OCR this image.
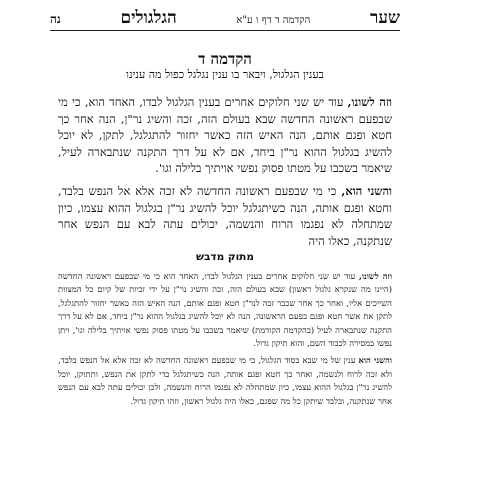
שער
הקדמה ד דף ו ע"א
הגלגולים
נה
הקדמה ד
בענין הגלגול, ויבאר בו ענין נגלגל כפול מה ענינו

וזה לשונו, עוד יש שני חלוקים אחרים בענין הגלגול לבדו, האחד הוא, כי מי שבפעם ראשונה החדשה שבא בעולם הזה, זכה והשיג נר"ן, הנה אחר כך חטא ופגם אותם, הנה האיש הזה כאשר יחזור להתגלגל, לתקן, לא יוכל להשיג בגלגול ההוא נר"ן ביחד, אם לא על דרך התקנה שנתבארה לעיל, שיאמר בשכבו על מטתו פסוק נפשי אויתיך בלילה וגו'.

והשני הוא, כי מי שבפעם ראשונה החדשה לא זכה אלא אל הנפש בלבד, וחטא ופגם אותה, הנה כשיתגלגל יוכל להשיג נר"ן בגלגול ההוא עצמו, כיון שמתחלה לא נפגמו הרוח והנשמה, יכולים עתה לבא עם הנפש אחר שנתקנה, כאלו היה

מתוק מדבש

וזה לשונו, עוד יש שני חלוקים אחרים בענין הגלגול לבדו, האחד הוא כי מי שבפעם ראשונה החדשה (היינו מה שנקרא גלגול ראשון) שבא בעולם הזה, זכה והשיג נר"ן על ידי זכיות של קיום כל המצוות השייכים אליו, ואחר כך אחר שכבר זכה לנר"ן חטא ופגם אותם, הנה האיש הזה כאשר יחזור להתגלגל, לתקן את אשר חטא ופגם בפעם הראשונה, הנה לא יוכל להשיג בגלגול ההוא נר"ן ביחד, אם לא על דרך התקנה שנתבארה לעיל (בהקדמה הקודמת) שיאמר בשכבו על מטתו פסוק נפשי אויתיך בלילה וגו', ויתן נפשו במסירה לכבוד השם, והוא תיקון גדול.

והשני הוא ענין של מי שבא בסוד הגלגול, כי מי שבפעם ראשונה החדשה לא זכה אלא אל הנפש בלבד, ולא זכה לרוח ולנשמה, ואחר כך חטא ופגם אותה, הנה כשיתגלגל כדי לתקן את הנפש, ותתוקן, יוכל להשיג נר"ן בגלגול ההוא עצמו, כיון שמתחלה לא נפגמו הרוח והנשמה, ולכן יכולים עתה לבא עם הנפש אחר שנתקנה, ובלבד שיתקן כל מה שפגם, כאלו היה גלגול ראשון, וזהו תיקון גדול.
